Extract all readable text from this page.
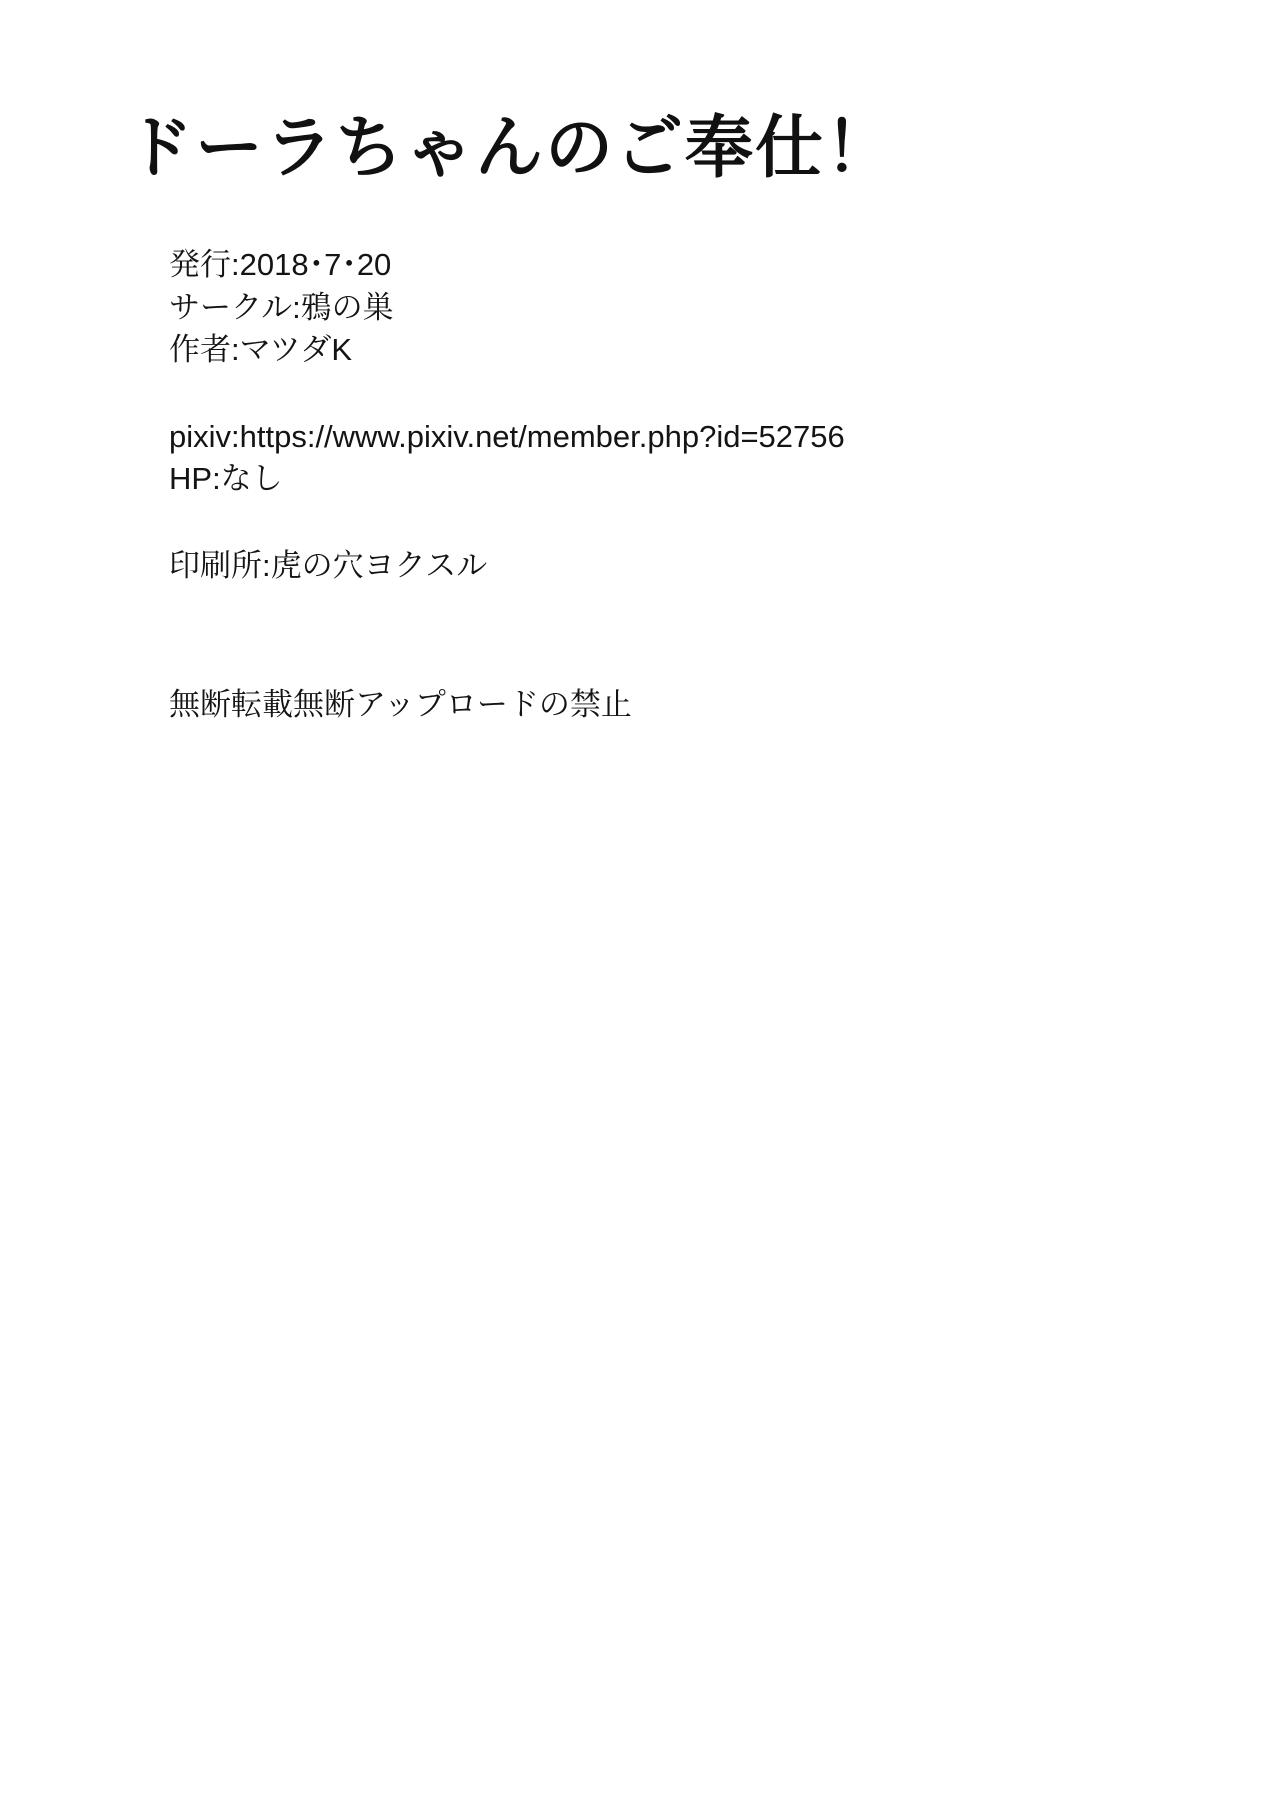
ドーラちゃんのご奉仕！
発行:2018･7･20
サークル:鴉の巣
作者:マツダK
pixiv:https://www.pixiv.net/member.php?id=52756
HP:なし
印刷所:虎の穴ヨクスル
無断転載無断アップロードの禁止
